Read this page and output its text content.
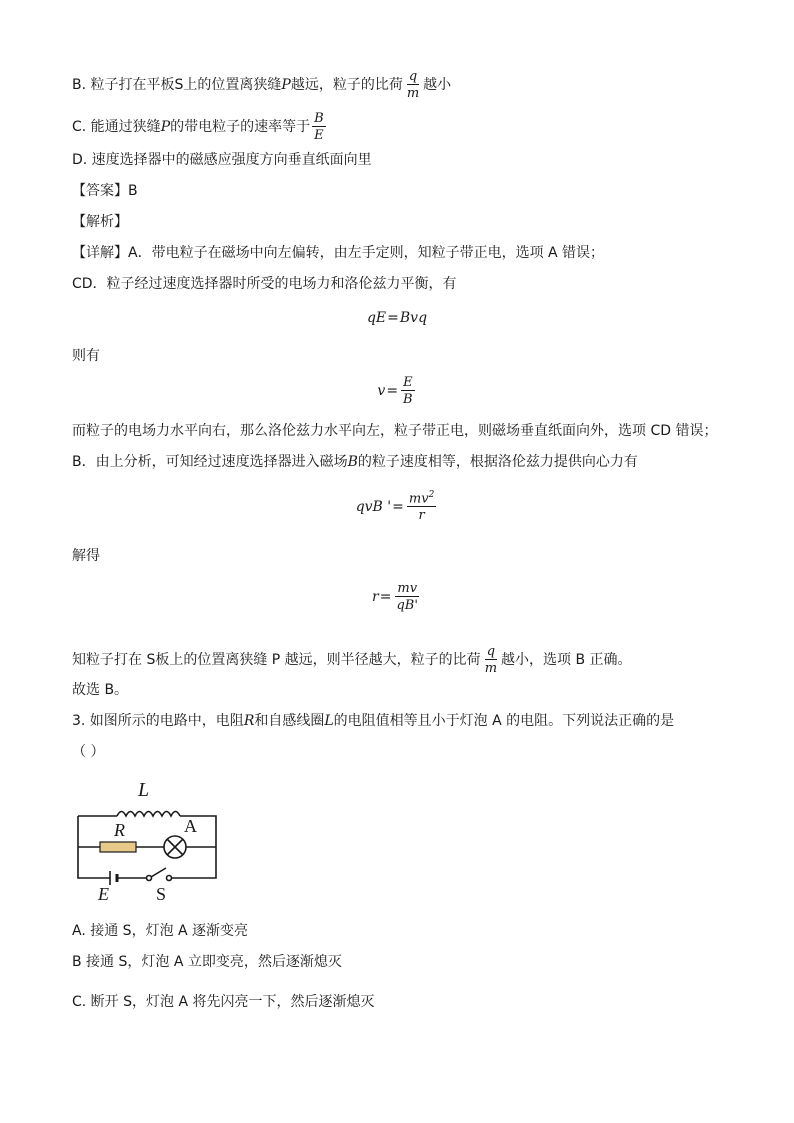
B. 粒子打在平板S上的位置离狭缝P越远，粒子的比荷 $\frac{q}{m}$ 越小
C. 能通过狭缝P的带电粒子的速率等于 $\frac{B}{E}$
D. 速度选择器中的磁感应强度方向垂直纸面向里
【答案】B
【解析】
【详解】A．带电粒子在磁场中向左偏转，由左手定则，知粒子带正电，选项 A 错误；
CD．粒子经过速度选择器时所受的电场力和洛伦兹力平衡，有
qE = Bvq
则有
$v = \frac{E}{B}$
而粒子的电场力水平向右，那么洛伦兹力水平向左，粒子带正电，则磁场垂直纸面向外，选项 CD 错误；
B．由上分析，可知经过速度选择器进入磁场B的粒子速度相等，根据洛伦兹力提供向心力有
qvB ' = $\frac{mv^2}{r}$
解得
$r = \frac{mv}{qB'}$
知粒子打在 S板上的位置离狭缝 P 越远，则半径越大，粒子的比荷 $\frac{q}{m}$ 越小，选项 B 正确。
故选 B。
3. 如图所示的电路中，电阻R和自感线圈L的电阻值相等且小于灯泡 A 的电阻。下列说法正确的是
（ ）
L
R	A
E	S
A. 接通 S，灯泡 A 逐渐变亮
B 接通 S，灯泡 A 立即变亮，然后逐渐熄灭
C. 断开 S，灯泡 A 将先闪亮一下，然后逐渐熄灭
